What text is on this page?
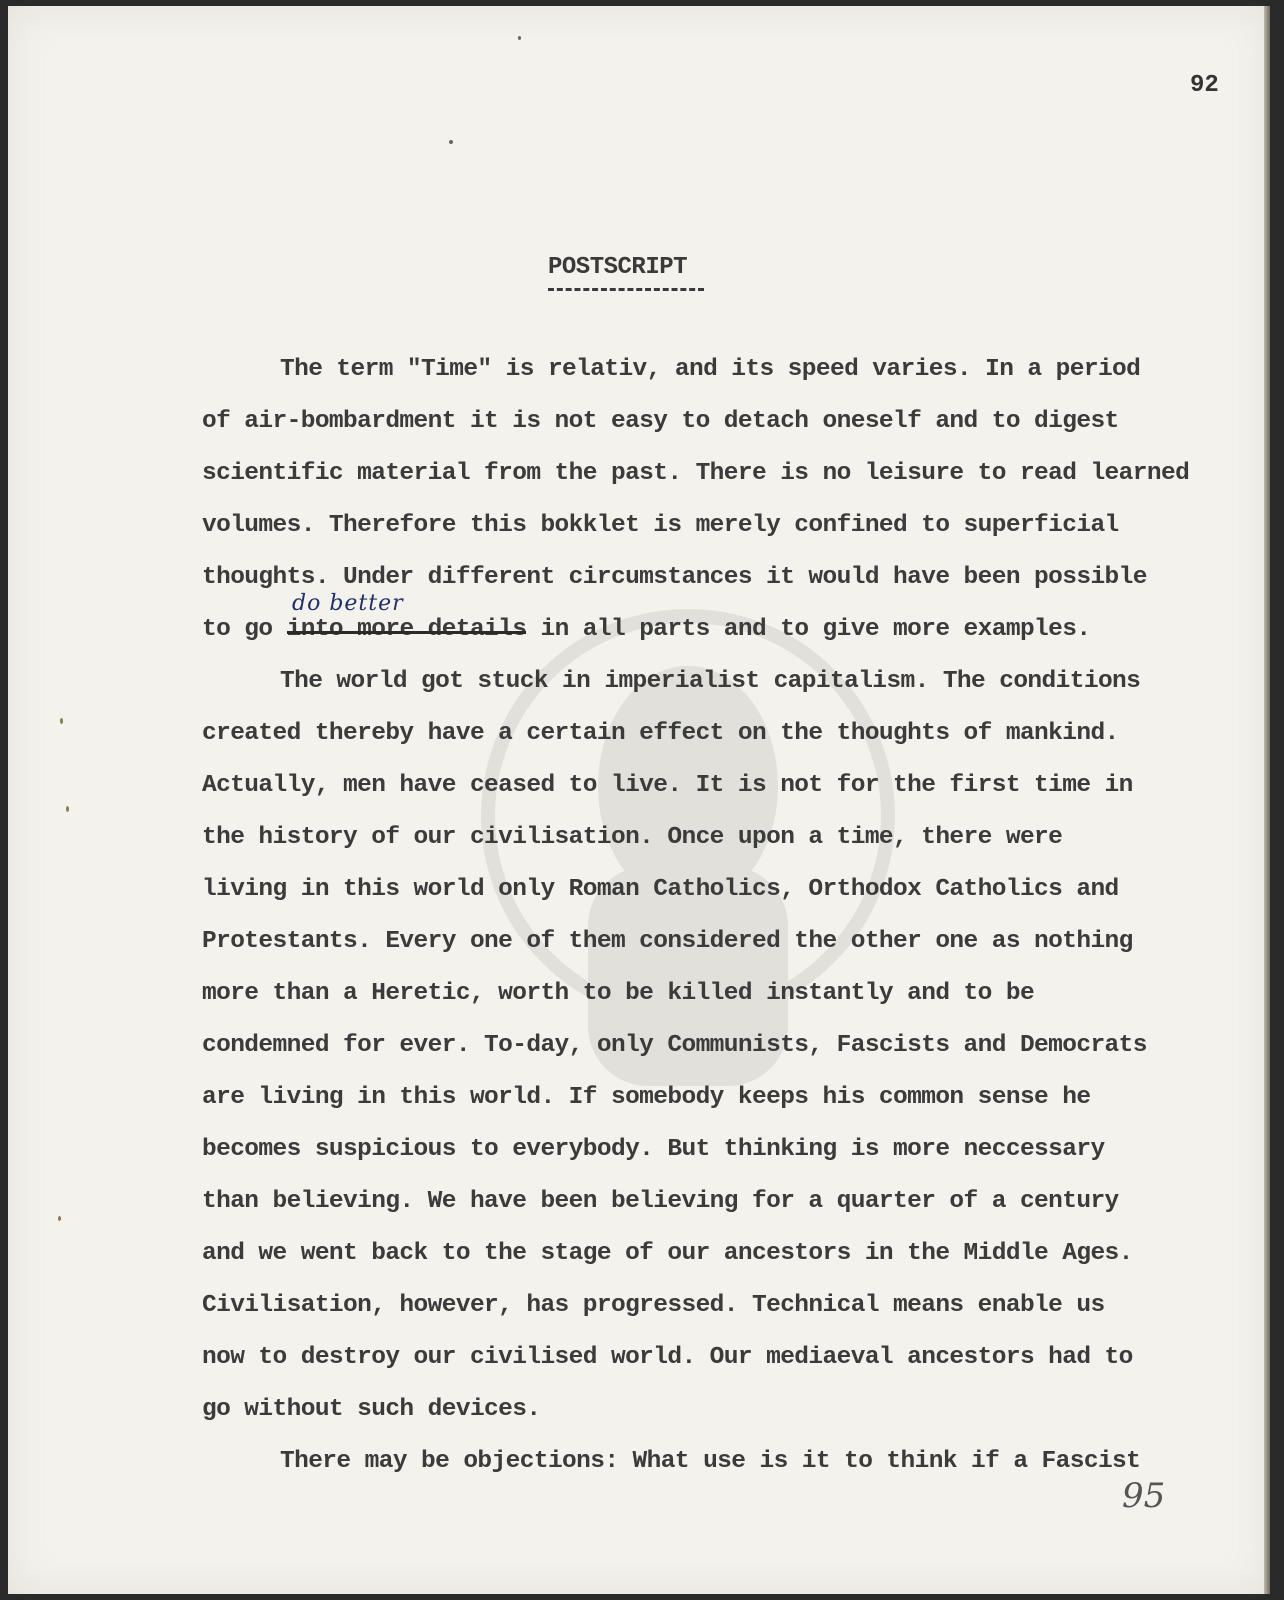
92
POSTSCRIPT
The term "Time" is relativ, and its speed varies. In a period
of air-bombardment it is not easy to detach oneself and to digest
scientific material from the past. There is no leisure to read learned
volumes. Therefore this bokklet is merely confined to superficial
thoughts. Under different circumstances it would have been possible
to go into more details in all parts and to give more examples.
do better
The world got stuck in imperialist capitalism. The conditions
created thereby have a certain effect on the thoughts of mankind.
Actually, men have ceased to live. It is not for the first time in
the history of our civilisation. Once upon a time, there were
living in this world only Roman Catholics, Orthodox Catholics and
Protestants. Every one of them considered the other one as nothing
more than a Heretic, worth to be killed instantly and to be
condemned for ever. To-day, only Communists, Fascists and Democrats
are living in this world. If somebody keeps his common sense he
becomes suspicious to everybody. But thinking is more neccessary
than believing. We have been believing for a quarter of a century
and we went back to the stage of our ancestors in the Middle Ages.
Civilisation, however, has progressed. Technical means enable us
now to destroy our civilised world. Our mediaeval ancestors had to
go without such devices.
There may be objections: What use is it to think if a Fascist
95
